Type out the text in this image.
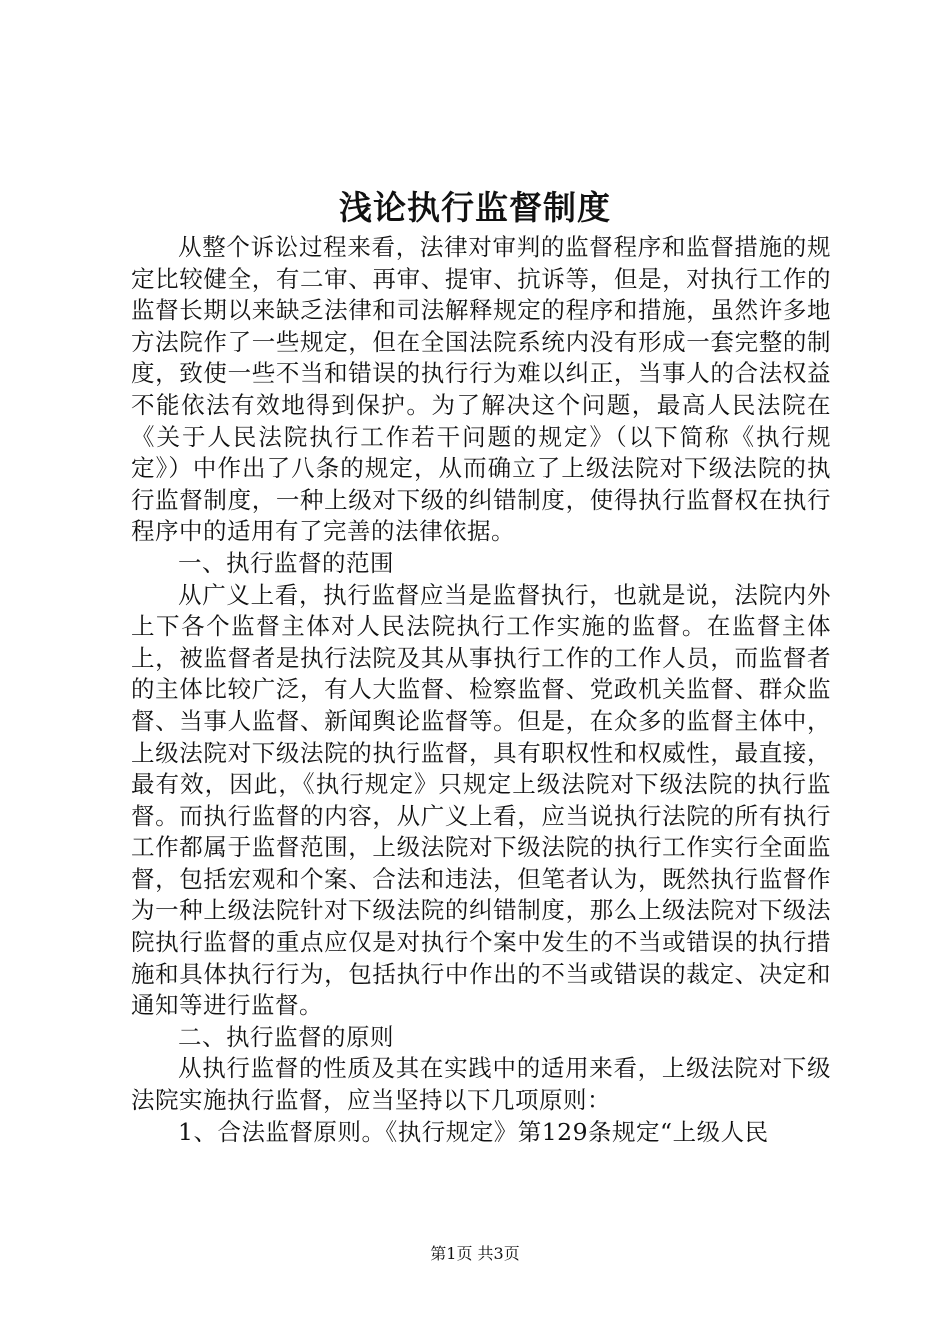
浅论执行监督制度

从整个诉讼过程来看，法律对审判的监督程序和监督措施的规定比较健全，有二审、再审、提审、抗诉等，但是，对执行工作的监督长期以来缺乏法律和司法解释规定的程序和措施，虽然许多地方法院作了一些规定，但在全国法院系统内没有形成一套完整的制度，致使一些不当和错误的执行行为难以纠正，当事人的合法权益不能依法有效地得到保护。为了解决这个问题，最高人民法院在《关于人民法院执行工作若干问题的规定》（以下简称《执行规定》）中作出了八条的规定，从而确立了上级法院对下级法院的执行监督制度，一种上级对下级的纠错制度，使得执行监督权在执行程序中的适用有了完善的法律依据。

一、执行监督的范围

从广义上看，执行监督应当是监督执行，也就是说，法院内外上下各个监督主体对人民法院执行工作实施的监督。在监督主体上，被监督者是执行法院及其从事执行工作的工作人员，而监督者的主体比较广泛，有人大监督、检察监督、党政机关监督、群众监督、当事人监督、新闻舆论监督等。但是，在众多的监督主体中，上级法院对下级法院的执行监督，具有职权性和权威性，最直接，最有效，因此，《执行规定》只规定上级法院对下级法院的执行监督。而执行监督的内容，从广义上看，应当说执行法院的所有执行工作都属于监督范围，上级法院对下级法院的执行工作实行全面监督，包括宏观和个案、合法和违法，但笔者认为，既然执行监督作为一种上级法院针对下级法院的纠错制度，那么上级法院对下级法院执行监督的重点应仅是对执行个案中发生的不当或错误的执行措施和具体执行行为，包括执行中作出的不当或错误的裁定、决定和通知等进行监督。

二、执行监督的原则

从执行监督的性质及其在实践中的适用来看，上级法院对下级法院实施执行监督，应当坚持以下几项原则：

1、合法监督原则。《执行规定》第129条规定“上级人民

第1页 共3页
